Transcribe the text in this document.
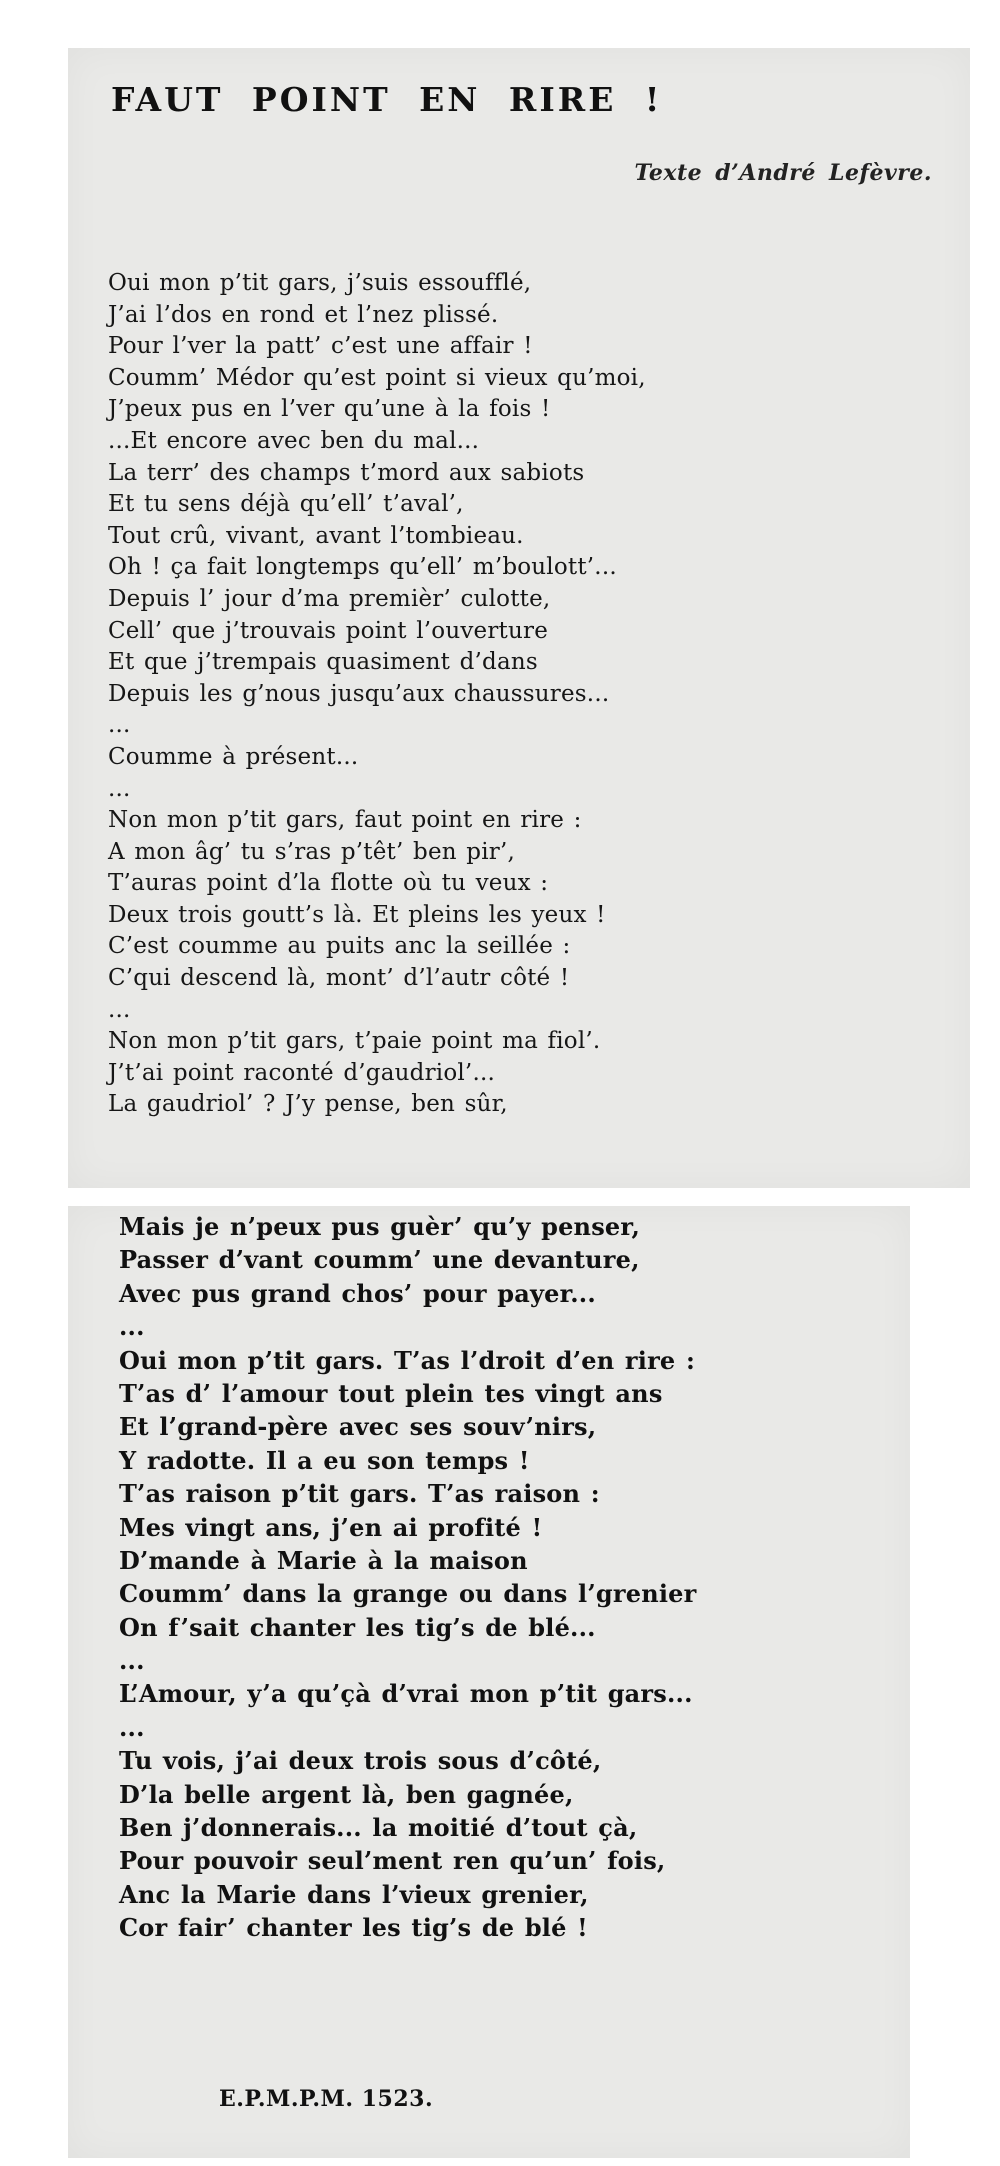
FAUT POINT EN RIRE !
Texte d’André Lefèvre.
Oui mon p’tit gars, j’suis essoufflé,
J’ai l’dos en rond et l’nez plissé.
Pour l’ver la patt’ c’est une affair !
Coumm’ Médor qu’est point si vieux qu’moi,
J’peux pus en l’ver qu’une à la fois !
...Et encore avec ben du mal...
La terr’ des champs t’mord aux sabiots
Et tu sens déjà qu’ell’ t’aval’,
Tout crû, vivant, avant l’tombieau.
Oh ! ça fait longtemps qu’ell’ m’boulott’...
Depuis l’ jour d’ma premièr’ culotte,
Cell’ que j’trouvais point l’ouverture
Et que j’trempais quasiment d’dans
Depuis les g’nous jusqu’aux chaussures...
...
Coumme à présent...
...
Non mon p’tit gars, faut point en rire :
A mon âg’ tu s’ras p’têt’ ben pir’,
T’auras point d’la flotte où tu veux :
Deux trois goutt’s là. Et pleins les yeux !
C’est coumme au puits anc la seillée :
C’qui descend là, mont’ d’l’autr côté !
...
Non mon p’tit gars, t’paie point ma fiol’.
J’t’ai point raconté d’gaudriol’...
La gaudriol’ ? J’y pense, ben sûr,
E.P.M.P.M. 1523.
Mais je n’peux pus guèr’ qu’y penser,
Passer d’vant coumm’ une devanture,
Avec pus grand chos’ pour payer...
...
Oui mon p’tit gars. T’as l’droit d’en rire :
T’as d’ l’amour tout plein tes vingt ans
Et l’grand-père avec ses souv’nirs,
Y radotte. Il a eu son temps !
T’as raison p’tit gars. T’as raison :
Mes vingt ans, j’en ai profité !
D’mande à Marie à la maison
Coumm’ dans la grange ou dans l’grenier
On f’sait chanter les tig’s de blé...
...
L’Amour, y’a qu’çà d’vrai mon p’tit gars...
...
Tu vois, j’ai deux trois sous d’côté,
D’la belle argent là, ben gagnée,
Ben j’donnerais... la moitié d’tout çà,
Pour pouvoir seul’ment ren qu’un’ fois,
Anc la Marie dans l’vieux grenier,
Cor fair’ chanter les tig’s de blé !
